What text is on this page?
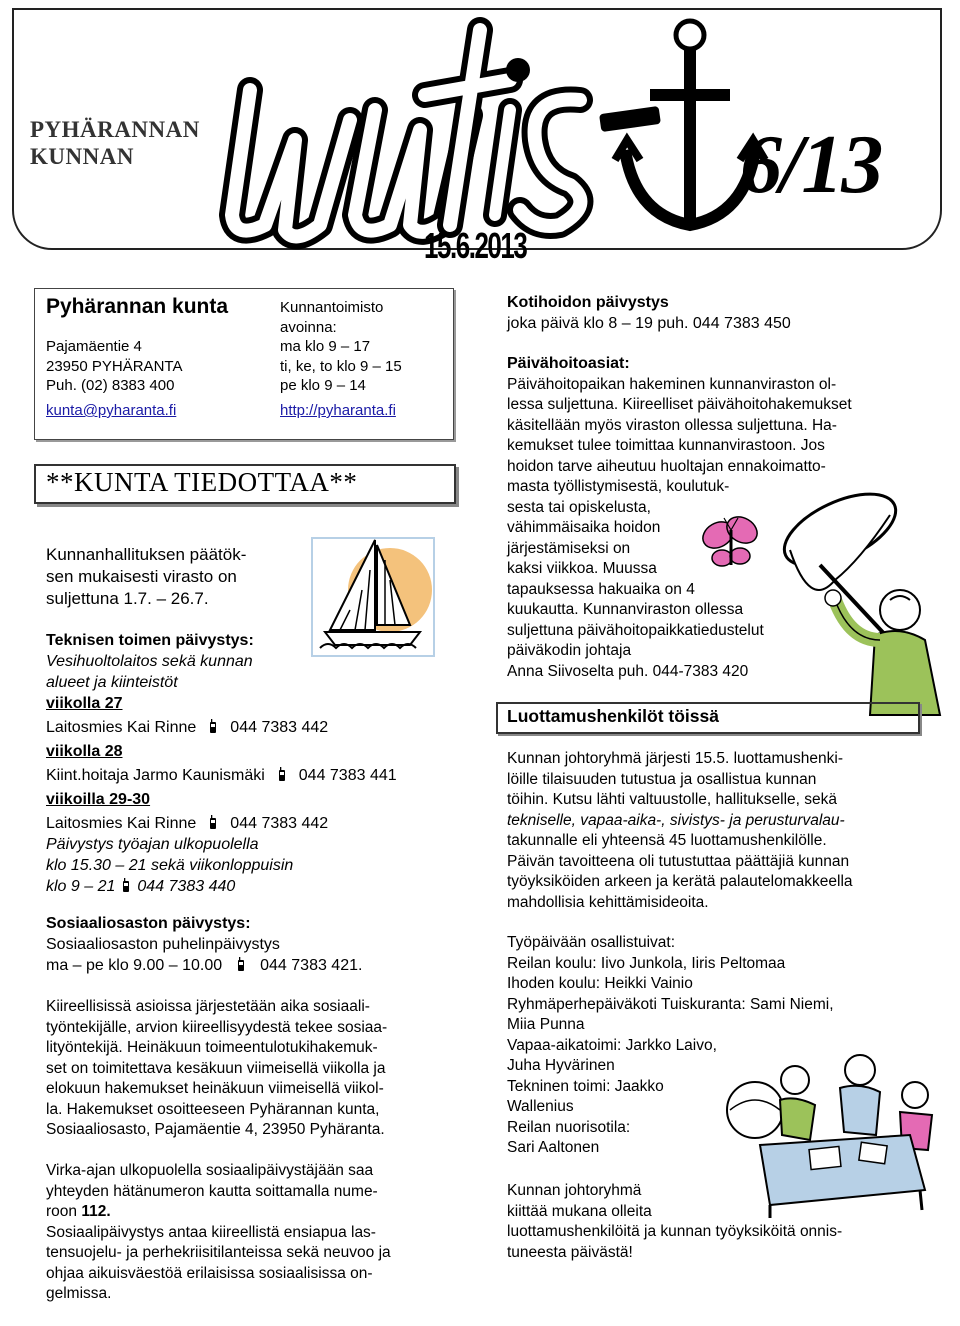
PYHÄRANNAN
KUNNAN	6/13
15.6.2013
Pyhärannan kunta
Pajamäentie 4
23950 PYHÄRANTA
Puh. (02) 8383 400
kunta@pyharanta.fi
Kunnantoimisto
avoinna:
ma klo 9 – 17
ti, ke, to klo 9 – 15
pe klo 9 – 14
http://pyharanta.fi
**KUNTA TIEDOTTAA**
Kunnanhallituksen päätök-
sen mukaisesti virasto on
suljettuna 1.7. – 26.7.
Teknisen toimen päivystys:
Vesihuoltolaitos sekä kunnan
alueet ja kiinteistöt
viikolla 27
Laitosmies Kai Rinne 044 7383 442
viikolla 28
Kiint.hoitaja Jarmo Kaunismäki 044 7383 441
viikoilla 29-30
Laitosmies Kai Rinne 044 7383 442
Päivystys työajan ulkopuolella
klo 15.30 – 21 sekä viikonloppuisin
klo 9 – 21 044 7383 440
Sosiaaliosaston päivystys:
Sosiaaliosaston puhelinpäivystys
ma – pe klo 9.00 – 10.00 044 7383 421.
Kiireellisissä asioissa järjestetään aika sosiaali-
työntekijälle, arvion kiireellisyydestä tekee sosiaa-
lityöntekijä. Heinäkuun toimeentulotukihakemuk-
set on toimitettava kesäkuun viimeisellä viikolla ja
elokuun hakemukset heinäkuun viimeisellä viikol-
la. Hakemukset osoitteeseen Pyhärannan kunta,
Sosiaaliosasto, Pajamäentie 4, 23950 Pyhäranta.
Virka-ajan ulkopuolella sosiaalipäivystäjään saa
yhteyden hätänumeron kautta soittamalla nume-
roon 112.
Sosiaalipäivystys antaa kiireellistä ensiapua las-
tensuojelu- ja perhekriisitilanteissa sekä neuvoo ja
ohjaa aikuisväestöä erilaisissa sosiaalisissa on-
gelmissa.
Kotihoidon päivystys
joka päivä klo 8 – 19 puh. 044 7383 450
Päivähoitoasiat:
Päivähoitopaikan hakeminen kunnanviraston ol-
lessa suljettuna. Kiireelliset päivähoitohakemukset
käsitellään myös viraston ollessa suljettuna. Ha-
kemukset tulee toimittaa kunnanvirastoon. Jos
hoidon tarve aiheutuu huoltajan ennakoimatto-
masta työllistymisestä, koulutuk-
sesta tai opiskelusta,
vähimmäisaika hoidon
järjestämiseksi on
kaksi viikkoa. Muussa
tapauksessa hakuaika on 4
kuukautta. Kunnanviraston ollessa
suljettuna päivähoitopaikkatiedustelut
päiväkodin johtaja
Anna Siivoselta puh. 044-7383 420
Luottamushenkilöt töissä
Kunnan johtoryhmä järjesti 15.5. luottamushenki-
löille tilaisuuden tutustua ja osallistua kunnan
töihin. Kutsu lähti valtuustolle, hallitukselle, sekä
tekniselle, vapaa-aika-, sivistys- ja perusturvalau-
takunnalle eli yhteensä 45 luottamushenkilölle.
Päivän tavoitteena oli tutustuttaa päättäjiä kunnan
työyksiköiden arkeen ja kerätä palautelomakkeella
mahdollisia kehittämisideoita.
Työpäivään osallistuivat:
Reilan koulu: Iivo Junkola, Iiris Peltomaa
Ihoden koulu: Heikki Vainio
Ryhmäperhepäiväkoti Tuiskuranta: Sami Niemi,
Miia Punna
Vapaa-aikatoimi: Jarkko Laivo,
Juha Hyvärinen
Tekninen toimi: Jaakko
Wallenius
Reilan nuorisotila:
Sari Aaltonen
Kunnan johtoryhmä
kiittää mukana olleita
luottamushenkilöitä ja kunnan työyksiköitä onnis-
tuneesta päivästä!
